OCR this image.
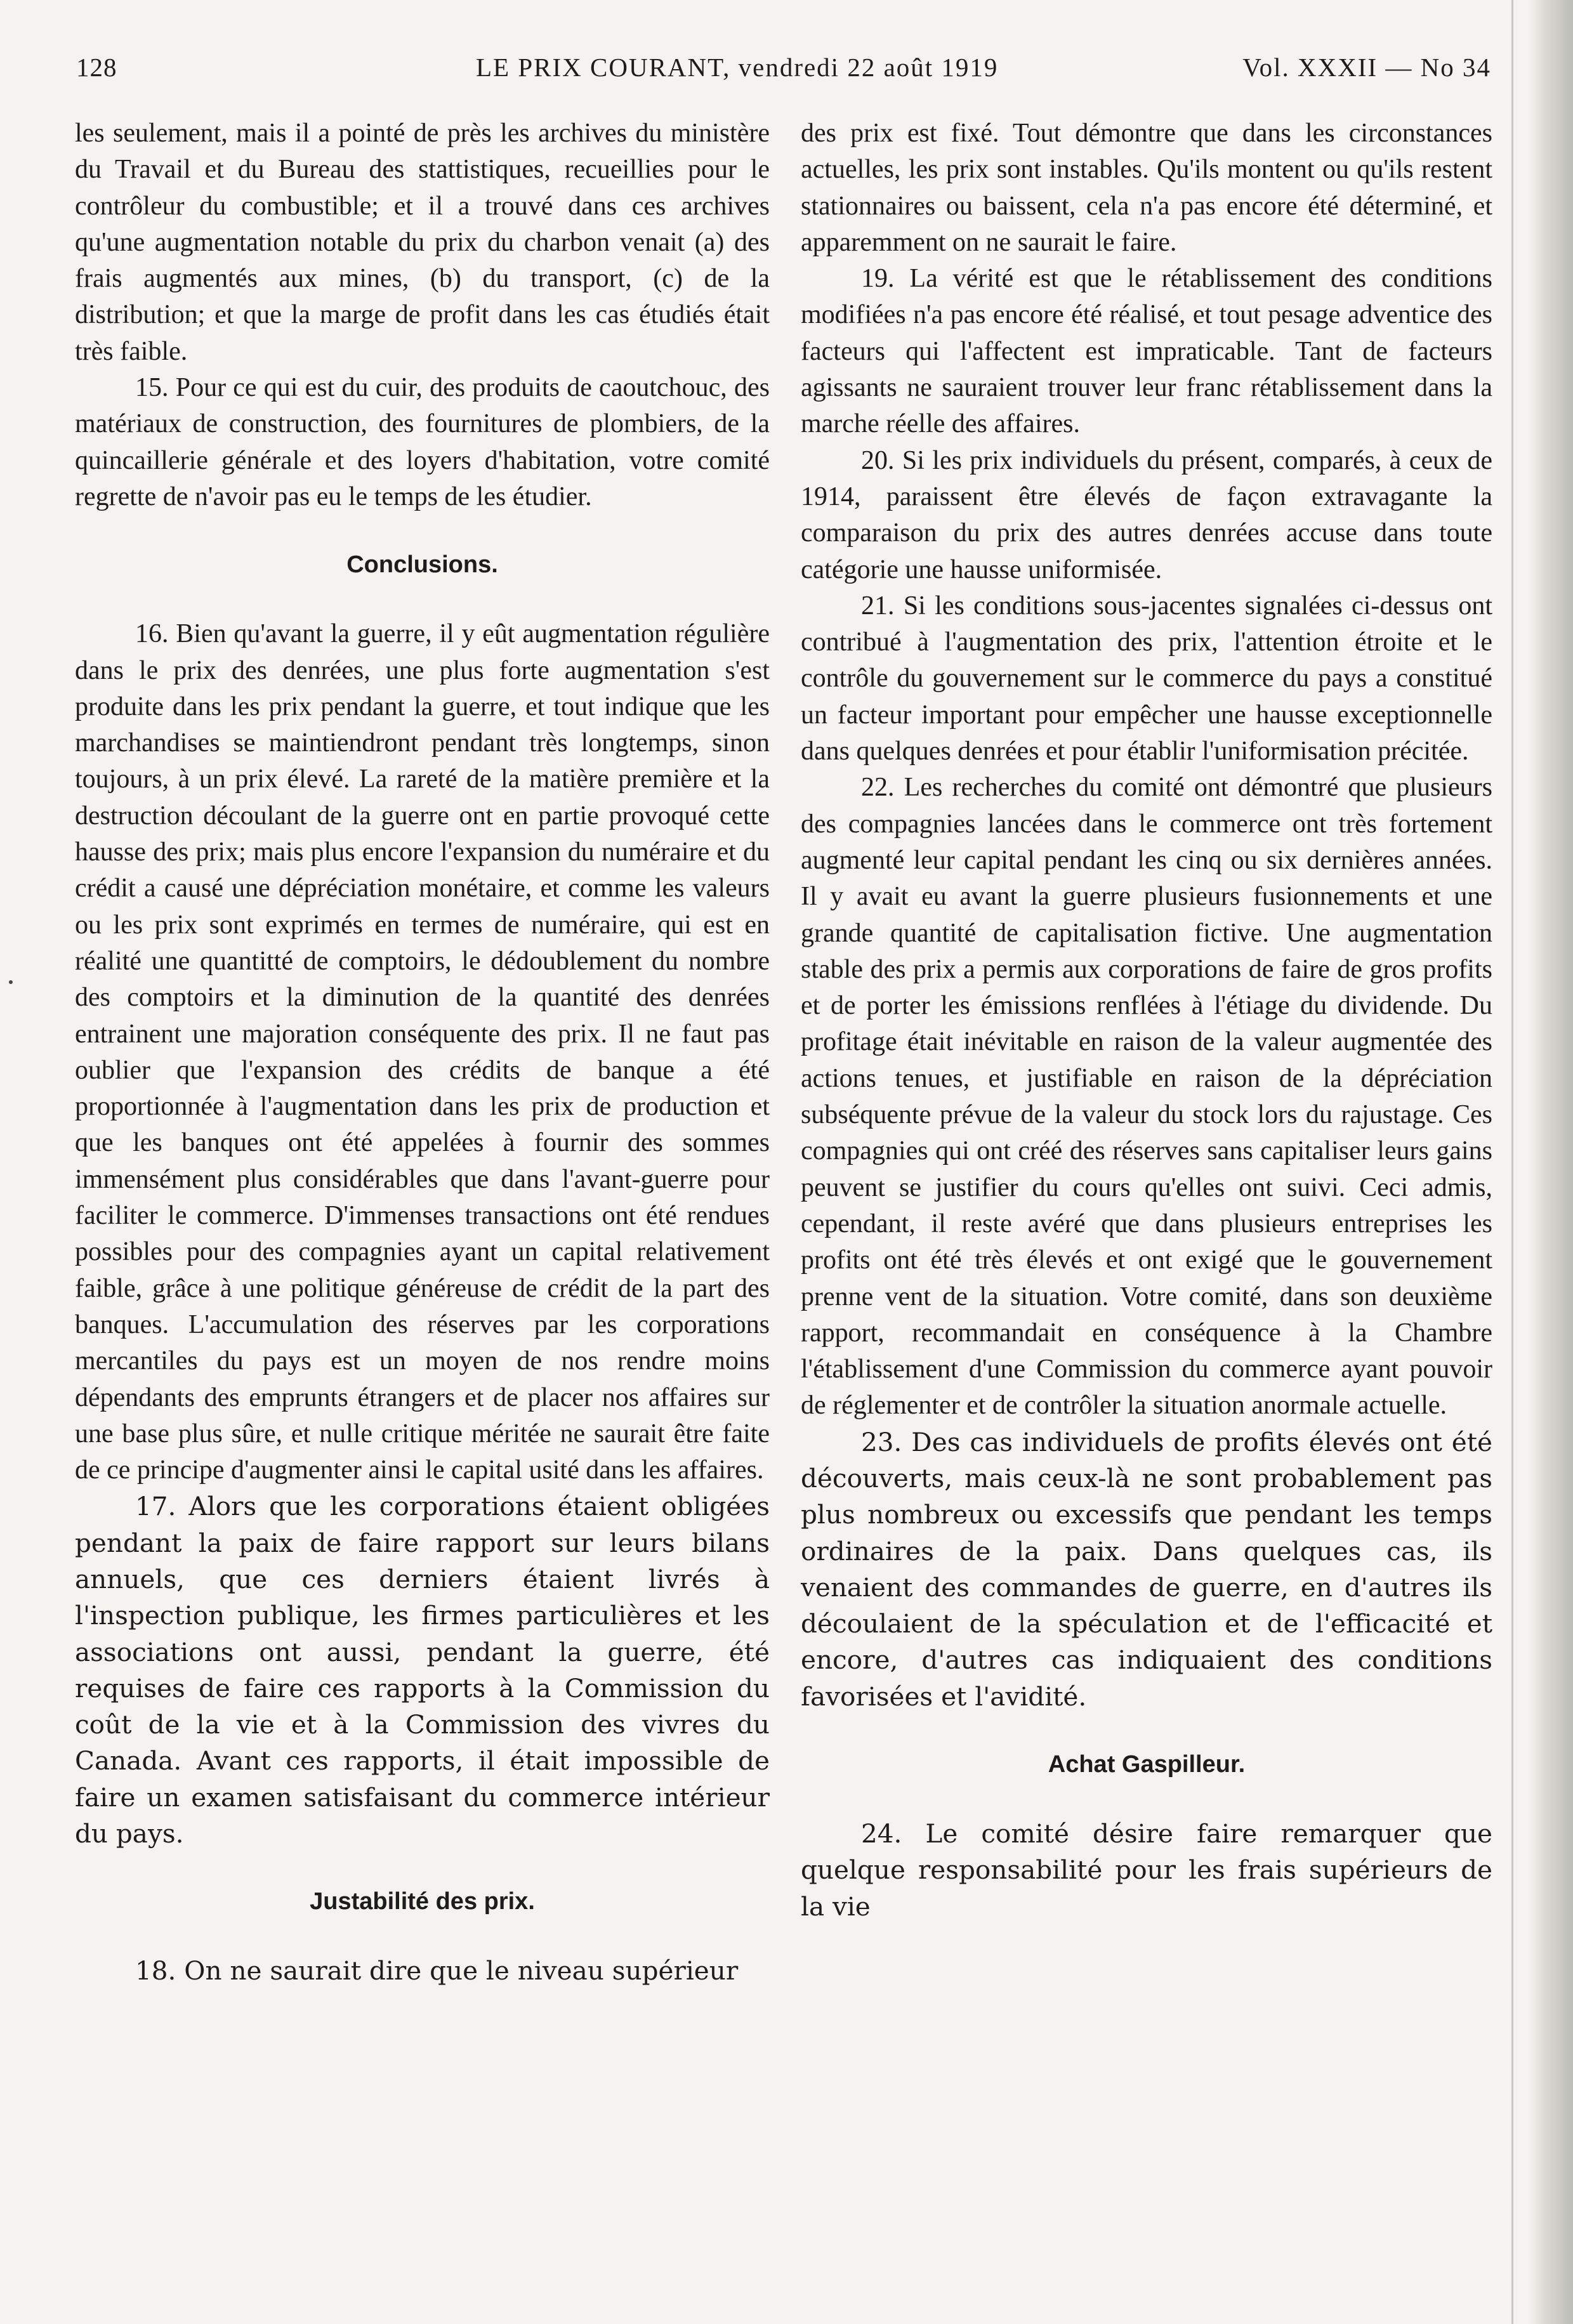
128	LE PRIX COURANT, vendredi 22 août 1919	Vol. XXXII — No 34

les seulement, mais il a pointé de près les archives du ministère du Travail et du Bureau des stattistiques, recueillies pour le contrôleur du combustible; et il a trouvé dans ces archives qu'une augmentation notable du prix du charbon venait (a) des frais augmentés aux mines, (b) du transport, (c) de la distribution; et que la marge de profit dans les cas étudiés était très faible.

15. Pour ce qui est du cuir, des produits de caoutchouc, des matériaux de construction, des fournitures de plombiers, de la quincaillerie générale et des loyers d'habitation, votre comité regrette de n'avoir pas eu le temps de les étudier.

Conclusions.

16. Bien qu'avant la guerre, il y eût augmentation régulière dans le prix des denrées, une plus forte augmentation s'est produite dans les prix pendant la guerre, et tout indique que les marchandises se maintiendront pendant très longtemps, sinon toujours, à un prix élevé. La rareté de la matière première et la destruction découlant de la guerre ont en partie provoqué cette hausse des prix; mais plus encore l'expansion du numéraire et du crédit a causé une dépréciation monétaire, et comme les valeurs ou les prix sont exprimés en termes de numéraire, qui est en réalité une quantitté de comptoirs, le dédoublement du nombre des comptoirs et la diminution de la quantité des denrées entrainent une majoration conséquente des prix. Il ne faut pas oublier que l'expansion des crédits de banque a été proportionnée à l'augmentation dans les prix de production et que les banques ont été appelées à fournir des sommes immensément plus considérables que dans l'avant-guerre pour faciliter le commerce. D'immenses transactions ont été rendues possibles pour des compagnies ayant un capital relativement faible, grâce à une politique généreuse de crédit de la part des banques. L'accumulation des réserves par les corporations mercantiles du pays est un moyen de nos rendre moins dépendants des emprunts étrangers et de placer nos affaires sur une base plus sûre, et nulle critique méritée ne saurait être faite de ce principe d'augmenter ainsi le capital usité dans les affaires.

17. Alors que les corporations étaient obligées pendant la paix de faire rapport sur leurs bilans annuels, que ces derniers étaient livrés à l'inspection publique, les firmes particulières et les associations ont aussi, pendant la guerre, été requises de faire ces rapports à la Commission du coût de la vie et à la Commission des vivres du Canada. Avant ces rapports, il était impossible de faire un examen satisfaisant du commerce intérieur du pays.

Justabilité des prix.

18. On ne saurait dire que le niveau supérieur

des prix est fixé. Tout démontre que dans les circonstances actuelles, les prix sont instables. Qu'ils montent ou qu'ils restent stationnaires ou baissent, cela n'a pas encore été déterminé, et apparemment on ne saurait le faire.

19. La vérité est que le rétablissement des conditions modifiées n'a pas encore été réalisé, et tout pesage adventice des facteurs qui l'affectent est impraticable. Tant de facteurs agissants ne sauraient trouver leur franc rétablissement dans la marche réelle des affaires.

20. Si les prix individuels du présent, comparés, à ceux de 1914, paraissent être élevés de façon extravagante la comparaison du prix des autres denrées accuse dans toute catégorie une hausse uniformisée.

21. Si les conditions sous-jacentes signalées ci-dessus ont contribué à l'augmentation des prix, l'attention étroite et le contrôle du gouvernement sur le commerce du pays a constitué un facteur important pour empêcher une hausse exceptionnelle dans quelques denrées et pour établir l'uniformisation précitée.

22. Les recherches du comité ont démontré que plusieurs des compagnies lancées dans le commerce ont très fortement augmenté leur capital pendant les cinq ou six dernières années. Il y avait eu avant la guerre plusieurs fusionnements et une grande quantité de capitalisation fictive. Une augmentation stable des prix a permis aux corporations de faire de gros profits et de porter les émissions renflées à l'étiage du dividende. Du profitage était inévitable en raison de la valeur augmentée des actions tenues, et justifiable en raison de la dépréciation subséquente prévue de la valeur du stock lors du rajustage. Ces compagnies qui ont créé des réserves sans capitaliser leurs gains peuvent se justifier du cours qu'elles ont suivi. Ceci admis, cependant, il reste avéré que dans plusieurs entreprises les profits ont été très élevés et ont exigé que le gouvernement prenne vent de la situation. Votre comité, dans son deuxième rapport, recommandait en conséquence à la Chambre l'établissement d'une Commission du commerce ayant pouvoir de réglementer et de contrôler la situation anormale actuelle.

23. Des cas individuels de profits élevés ont été découverts, mais ceux-là ne sont probablement pas plus nombreux ou excessifs que pendant les temps ordinaires de la paix. Dans quelques cas, ils venaient des commandes de guerre, en d'autres ils découlaient de la spéculation et de l'efficacité et encore, d'autres cas indiquaient des conditions favorisées et l'avidité.

Achat Gaspilleur.

24. Le comité désire faire remarquer que quelque responsabilité pour les frais supérieurs de la vie
